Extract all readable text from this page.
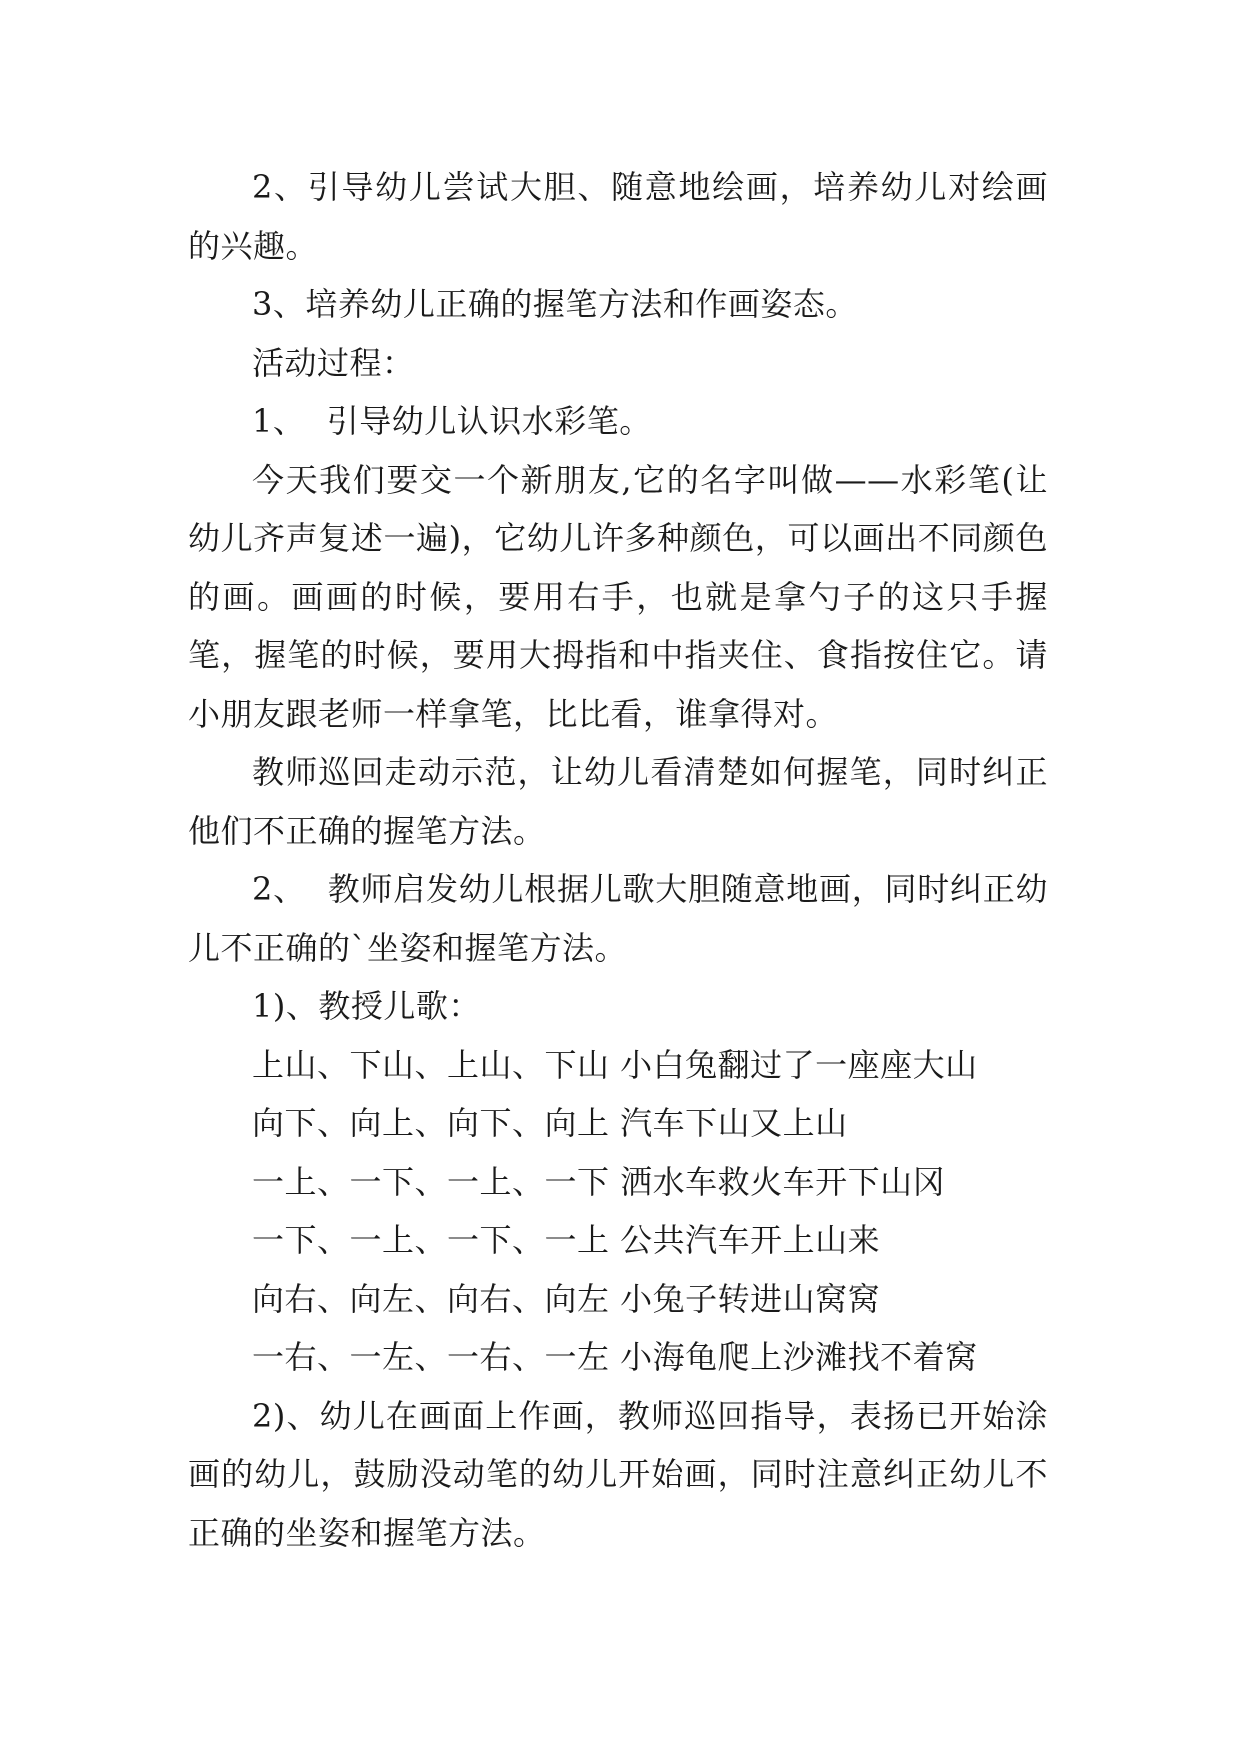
2、引导幼儿尝试大胆、随意地绘画，培养幼儿对绘画的兴趣。

3、培养幼儿正确的握笔方法和作画姿态。

活动过程：

1、  引导幼儿认识水彩笔。

今天我们要交一个新朋友,它的名字叫做——水彩笔(让幼儿齐声复述一遍)，它幼儿许多种颜色，可以画出不同颜色的画。画画的时候，要用右手，也就是拿勺子的这只手握笔，握笔的时候，要用大拇指和中指夹住、食指按住它。请小朋友跟老师一样拿笔，比比看，谁拿得对。

教师巡回走动示范，让幼儿看清楚如何握笔，同时纠正他们不正确的握笔方法。

2、  教师启发幼儿根据儿歌大胆随意地画，同时纠正幼儿不正确的`坐姿和握笔方法。

1)、教授儿歌：

上山、下山、上山、下山 小白兔翻过了一座座大山

向下、向上、向下、向上 汽车下山又上山

一上、一下、一上、一下 洒水车救火车开下山冈

一下、一上、一下、一上 公共汽车开上山来

向右、向左、向右、向左 小兔子转进山窝窝

一右、一左、一右、一左 小海龟爬上沙滩找不着窝

2)、幼儿在画面上作画，教师巡回指导，表扬已开始涂画的幼儿，鼓励没动笔的幼儿开始画，同时注意纠正幼儿不正确的坐姿和握笔方法。
